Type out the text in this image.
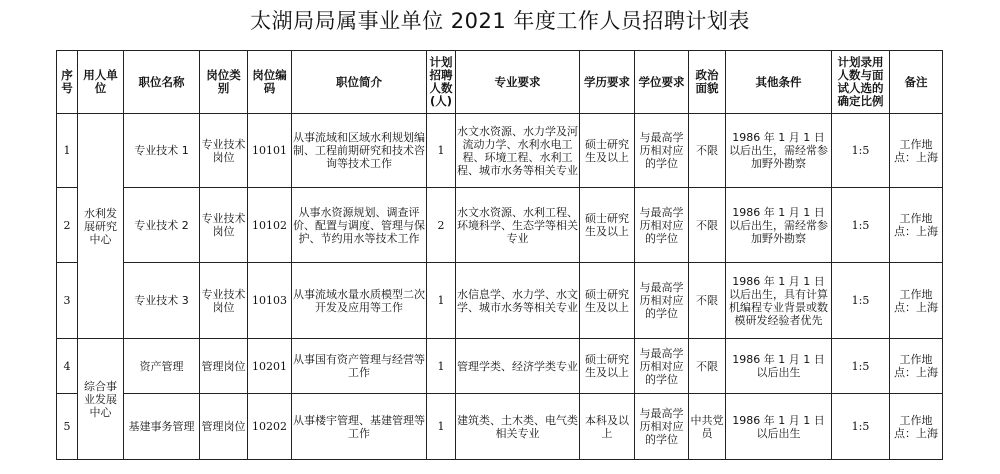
太湖局局属事业单位 2021 年度工作人员招聘计划表
序号	用人单位	职位名称	岗位类别	岗位编码	职位简介	计划招聘人数(人)	专业要求	学历要求	学位要求	政治面貌	其他条件	计划录用人数与面试人选的确定比例	备注
1	水利发展研究中心	专业技术 1	专业技术岗位	10101	从事流域和区域水利规划编制、工程前期研究和技术咨询等技术工作	1	水文水资源、水力学及河流动力学、水利水电工程、环境工程、水利工程、城市水务等相关专业	硕士研究生及以上	与最高学历相对应的学位	不限	1986 年 1 月 1 日以后出生，需经常参加野外勘察	1:5	工作地点：上海
2		专业技术 2	专业技术岗位	10102	从事水资源规划、调查评价、配置与调度、管理与保护、节约用水等技术工作	2	水文水资源、水利工程、环境科学、生态学等相关专业	硕士研究生及以上	与最高学历相对应的学位	不限	1986 年 1 月 1 日以后出生，需经常参加野外勘察	1:5	工作地点：上海
3		专业技术 3	专业技术岗位	10103	从事流域水量水质模型二次开发及应用等工作	1	水信息学、水力学、水文学、城市水务等相关专业	硕士研究生及以上	与最高学历相对应的学位	不限	1986 年 1 月 1 日以后出生，具有计算机编程专业背景或数模研发经验者优先	1:5	工作地点：上海
4	综合事业发展中心	资产管理	管理岗位	10201	从事国有资产管理与经营等工作	1	管理学类、经济学类专业	硕士研究生及以上	与最高学历相对应的学位	不限	1986 年 1 月 1 日以后出生	1:5	工作地点：上海
5		基建事务管理	管理岗位	10202	从事楼宇管理、基建管理等工作	1	建筑类、土木类、电气类相关专业	本科及以上	与最高学历相对应的学位	中共党员	1986 年 1 月 1 日以后出生	1:5	工作地点：上海
